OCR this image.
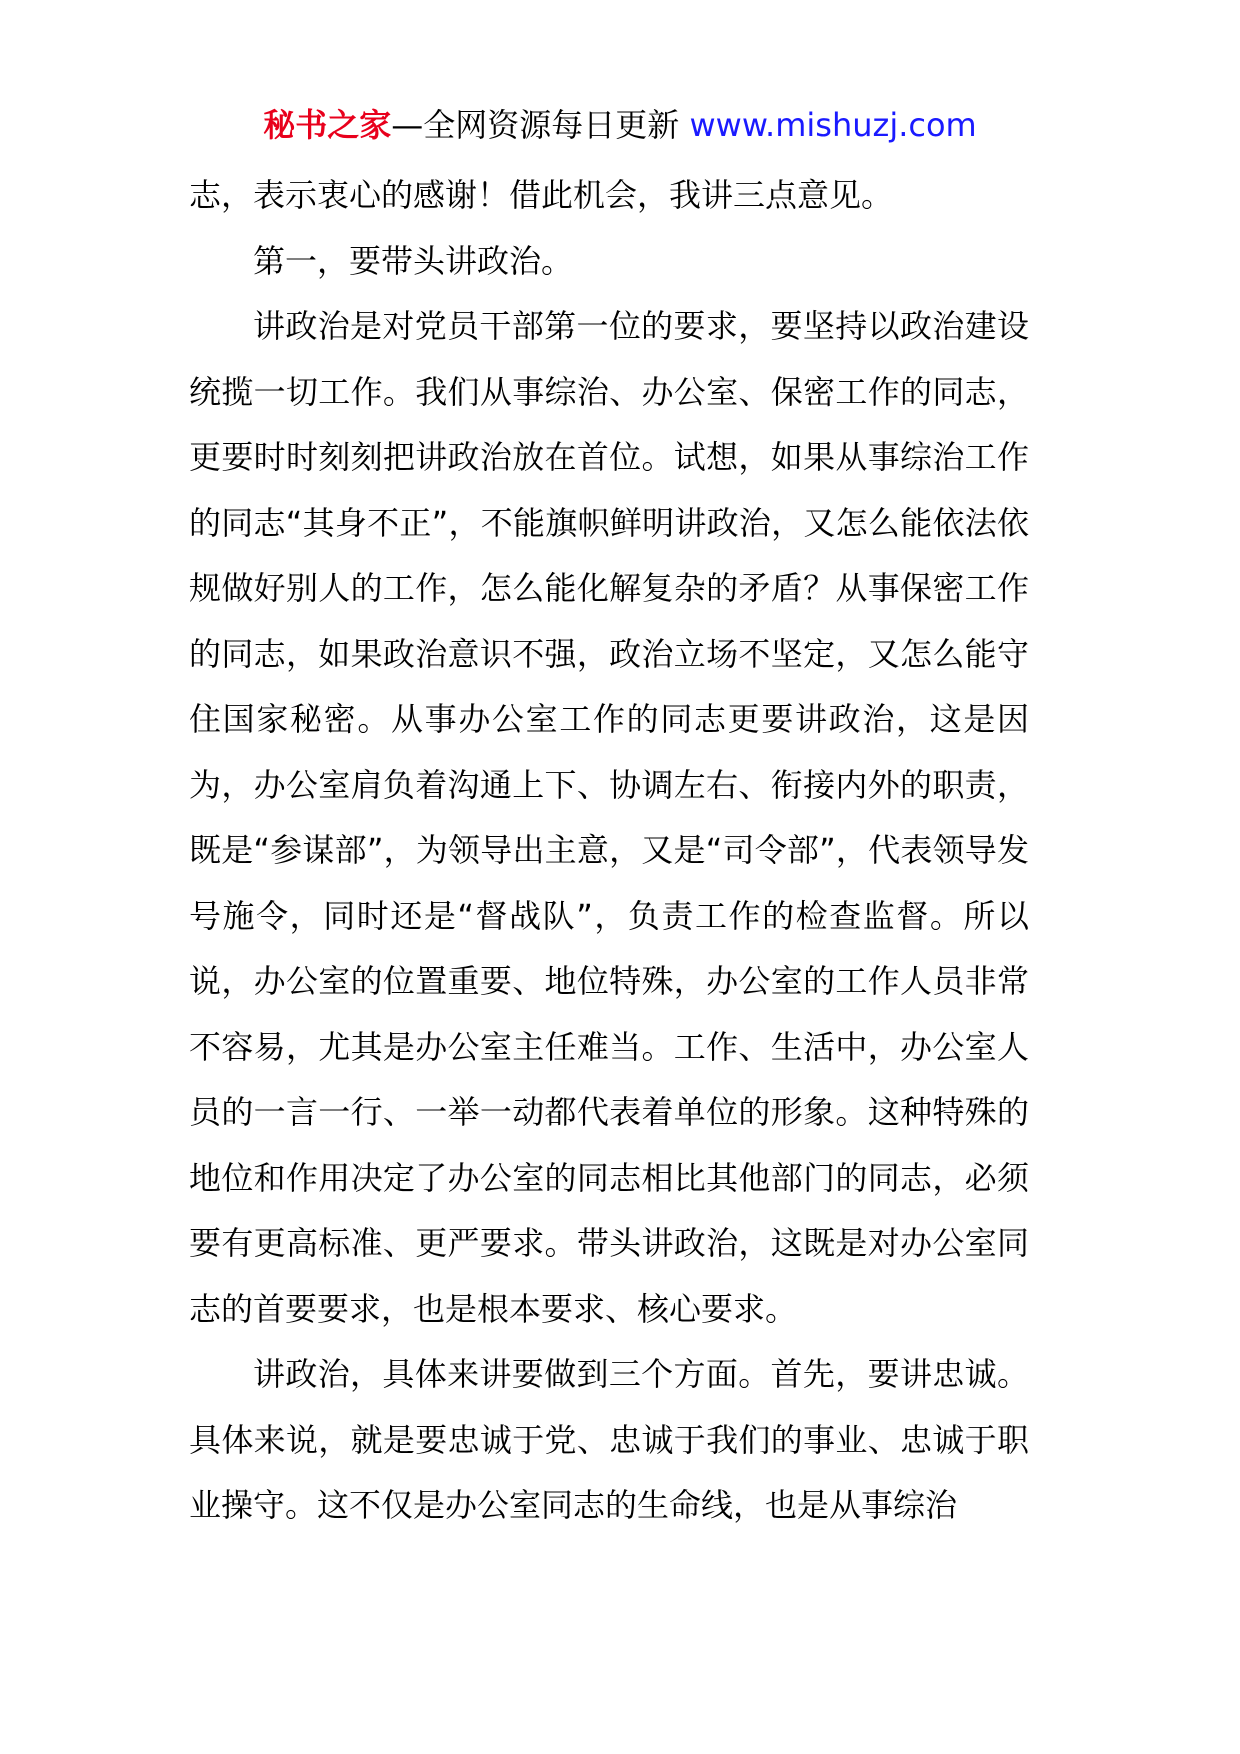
秘书之家—全网资源每日更新 www.mishuzj.com

志，表示衷心的感谢！借此机会，我讲三点意见。

第一，要带头讲政治。

讲政治是对党员干部第一位的要求，要坚持以政治建设统揽一切工作。我们从事综治、办公室、保密工作的同志，更要时时刻刻把讲政治放在首位。试想，如果从事综治工作的同志“其身不正”，不能旗帜鲜明讲政治，又怎么能依法依规做好别人的工作，怎么能化解复杂的矛盾？从事保密工作的同志，如果政治意识不强，政治立场不坚定，又怎么能守住国家秘密。从事办公室工作的同志更要讲政治，这是因为，办公室肩负着沟通上下、协调左右、衔接内外的职责，既是“参谋部”，为领导出主意，又是“司令部”，代表领导发号施令，同时还是“督战队”，负责工作的检查监督。所以说，办公室的位置重要、地位特殊，办公室的工作人员非常不容易，尤其是办公室主任难当。工作、生活中，办公室人员的一言一行、一举一动都代表着单位的形象。这种特殊的地位和作用决定了办公室的同志相比其他部门的同志，必须要有更高标准、更严要求。带头讲政治，这既是对办公室同志的首要要求，也是根本要求、核心要求。

讲政治，具体来讲要做到三个方面。首先，要讲忠诚。具体来说，就是要忠诚于党、忠诚于我们的事业、忠诚于职业操守。这不仅是办公室同志的生命线，也是从事综治
